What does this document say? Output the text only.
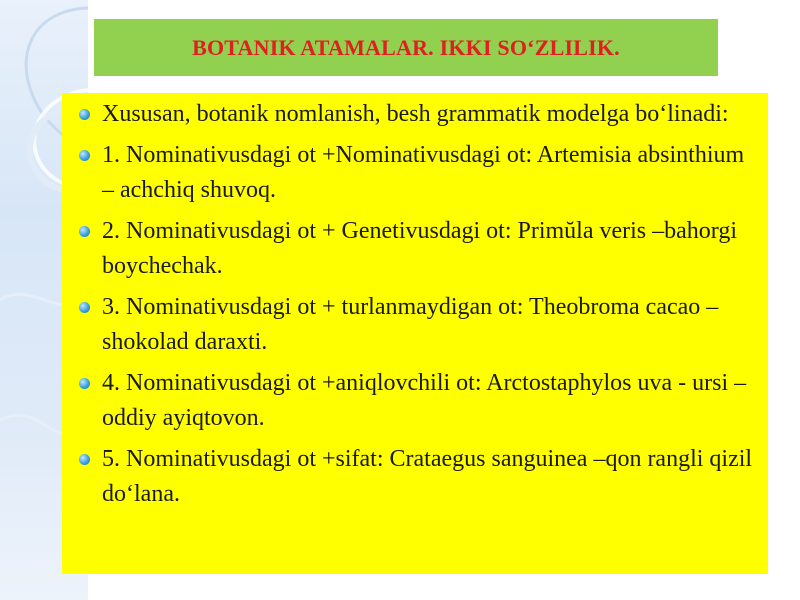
BOTANIK ATAMALAR. IKKI SO‘ZLILIK.
Xususan, botanik nomlanish, besh grammatik modelga bo‘linadi:
1. Nominativusdagi ot +Nominativusdagi ot: Artemisia absinthium – achchiq shuvoq.
2. Nominativusdagi ot + Genetivusdagi ot: Primŭla veris –bahorgi boychechak.
3. Nominativusdagi ot + turlanmaydigan ot: Theobroma cacao – shokolad daraxti.
4. Nominativusdagi ot +aniqlovchili ot: Arctostaphylos uva - ursi –oddiy ayiqtovon.
5. Nominativusdagi ot +sifat: Crataegus sanguinea –qon rangli qizil do‘lana.
